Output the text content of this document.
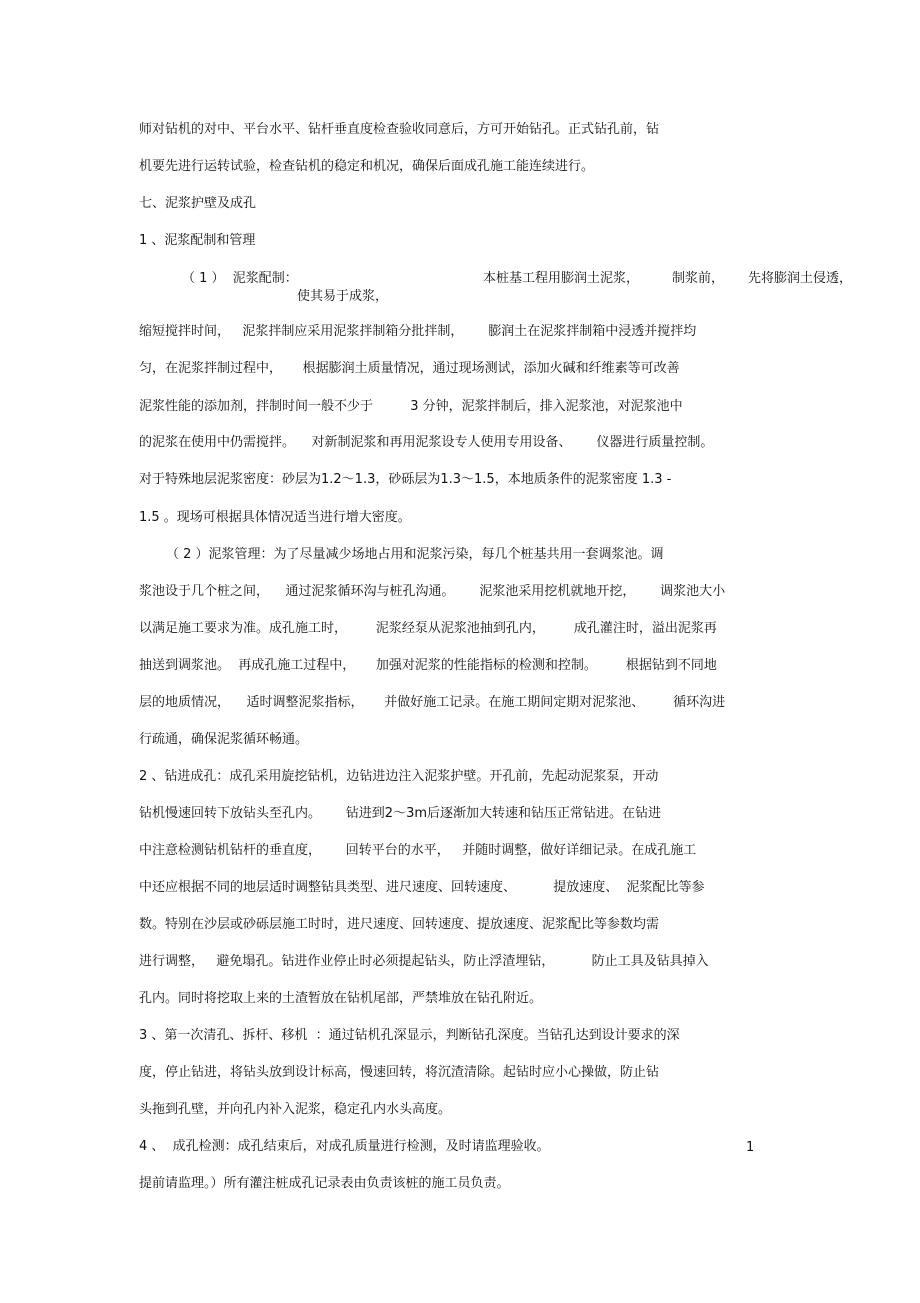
师对钻机的对中、平台水平、钻杆垂直度检查验收同意后，方可开始钻孔。正式钻孔前，钻
机要先进行运转试验，检查钻机的稳定和机况，确保后面成孔施工能连续进行。
七、泥浆护壁及成孔
1 、泥浆配制和管理
（ 1 ）  泥浆配制：	本桩基工程用膨润土泥浆，	制浆前， 先将膨润土侵透，
使其易于成浆，
缩短搅拌时间，   泥浆拌制应采用泥浆拌制箱分批拌制，      膨润土在泥浆拌制箱中浸透并搅拌均
匀，在泥浆拌制过程中，     根据膨润土质量情况，通过现场测试，添加火碱和纤维素等可改善
泥浆性能的添加剂，拌制时间一般不少于         3 分钟，泥浆拌制后，排入泥浆池，对泥浆池中
的泥浆在使用中仍需搅拌。    对新制泥浆和再用泥浆设专人使用专用设备、      仪器进行质量控制。
对于特殊地层泥浆密度：砂层为1.2～1.3，砂砾层为1.3～1.5，本地质条件的泥浆密度 1.3 -
1.5 。现场可根据具体情况适当进行增大密度。
（ 2 ）泥浆管理：为了尽量减少场地占用和泥浆污染，每几个桩基共用一套调浆池。调
浆池设于几个桩之间，    通过泥浆循环沟与桩孔沟通。      泥浆池采用挖机就地开挖，      调浆池大小
以满足施工要求为准。成孔施工时，       泥浆经泵从泥浆池抽到孔内，       成孔灌注时，溢出泥浆再
抽送到调浆池。  再成孔施工过程中，     加强对泥浆的性能指标的检测和控制。       根据钻到不同地
层的地质情况，    适时调整泥浆指标，     并做好施工记录。在施工期间定期对泥浆池、       循环沟进
行疏通，确保泥浆循环畅通。
2 、钻进成孔：成孔采用旋挖钻机，边钻进边注入泥浆护壁。开孔前，先起动泥浆泵，开动
钻机慢速回转下放钻头至孔内。      钻进到2～3m后逐渐加大转速和钻压正常钻进。在钻进
中注意检测钻机钻杆的垂直度，      回转平台的水平，   并随时调整，做好详细记录。在成孔施工
中还应根据不同的地层适时调整钻具类型、进尺速度、回转速度、         提放速度、  泥浆配比等参
数。特别在沙层或砂砾层施工时时，进尺速度、回转速度、提放速度、泥浆配比等参数均需
进行调整，   避免塌孔。钻进作业停止时必须提起钻头，防止浮渣埋钻，         防止工具及钻具掉入
孔内。同时将挖取上来的土渣暂放在钻机尾部，严禁堆放在钻孔附近。
3 、第一次清孔、拆杆、移机  ：通过钻机孔深显示，判断钻孔深度。当钻孔达到设计要求的深
度，停止钻进，将钻头放到设计标高，慢速回转，将沉渣清除。起钻时应小心操做，防止钻
头拖到孔壁，并向孔内补入泥浆，稳定孔内水头高度。
4 、  成孔检测：成孔结束后，对成孔质量进行检测，及时请监理验收。	1
提前请监理。）所有灌注桩成孔记录表由负责该桩的施工员负责。
